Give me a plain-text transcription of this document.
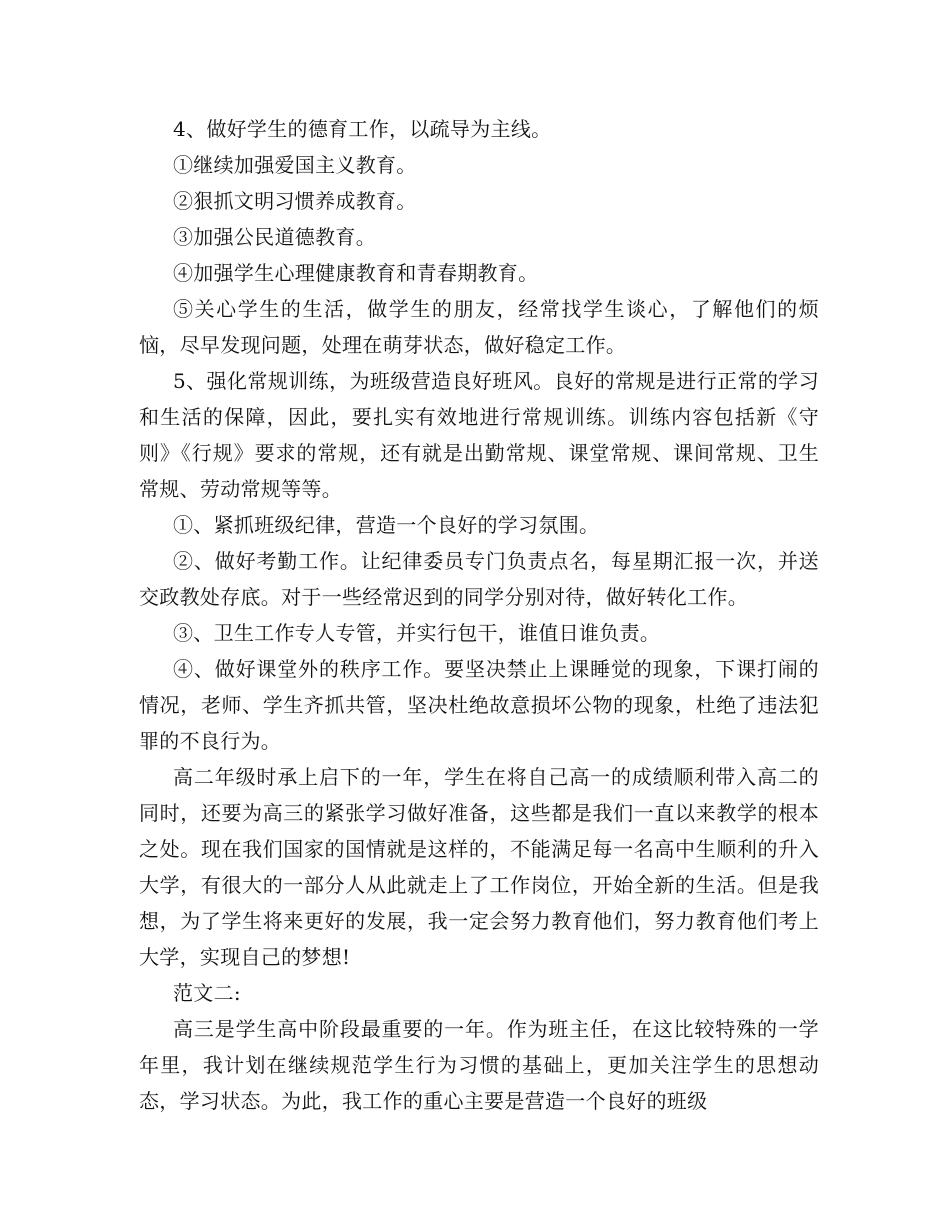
4、做好学生的德育工作，以疏导为主线。

①继续加强爱国主义教育。

②狠抓文明习惯养成教育。

③加强公民道德教育。

④加强学生心理健康教育和青春期教育。

⑤关心学生的生活，做学生的朋友，经常找学生谈心，了解他们的烦恼，尽早发现问题，处理在萌芽状态，做好稳定工作。

5、强化常规训练，为班级营造良好班风。良好的常规是进行正常的学习和生活的保障，因此，要扎实有效地进行常规训练。训练内容包括新《守则》《行规》要求的常规，还有就是出勤常规、课堂常规、课间常规、卫生常规、劳动常规等等。

①、紧抓班级纪律，营造一个良好的学习氛围。

②、做好考勤工作。让纪律委员专门负责点名，每星期汇报一次，并送交政教处存底。对于一些经常迟到的同学分别对待，做好转化工作。

③、卫生工作专人专管，并实行包干，谁值日谁负责。

④、做好课堂外的秩序工作。要坚决禁止上课睡觉的现象，下课打闹的情况，老师、学生齐抓共管，坚决杜绝故意损坏公物的现象，杜绝了违法犯罪的不良行为。

高二年级时承上启下的一年，学生在将自己高一的成绩顺利带入高二的同时，还要为高三的紧张学习做好准备，这些都是我们一直以来教学的根本之处。现在我们国家的国情就是这样的，不能满足每一名高中生顺利的升入大学，有很大的一部分人从此就走上了工作岗位，开始全新的生活。但是我想，为了学生将来更好的发展，我一定会努力教育他们，努力教育他们考上大学，实现自己的梦想!

范文二:

高三是学生高中阶段最重要的一年。作为班主任，在这比较特殊的一学年里，我计划在继续规范学生行为习惯的基础上，更加关注学生的思想动态，学习状态。为此，我工作的重心主要是营造一个良好的班级
